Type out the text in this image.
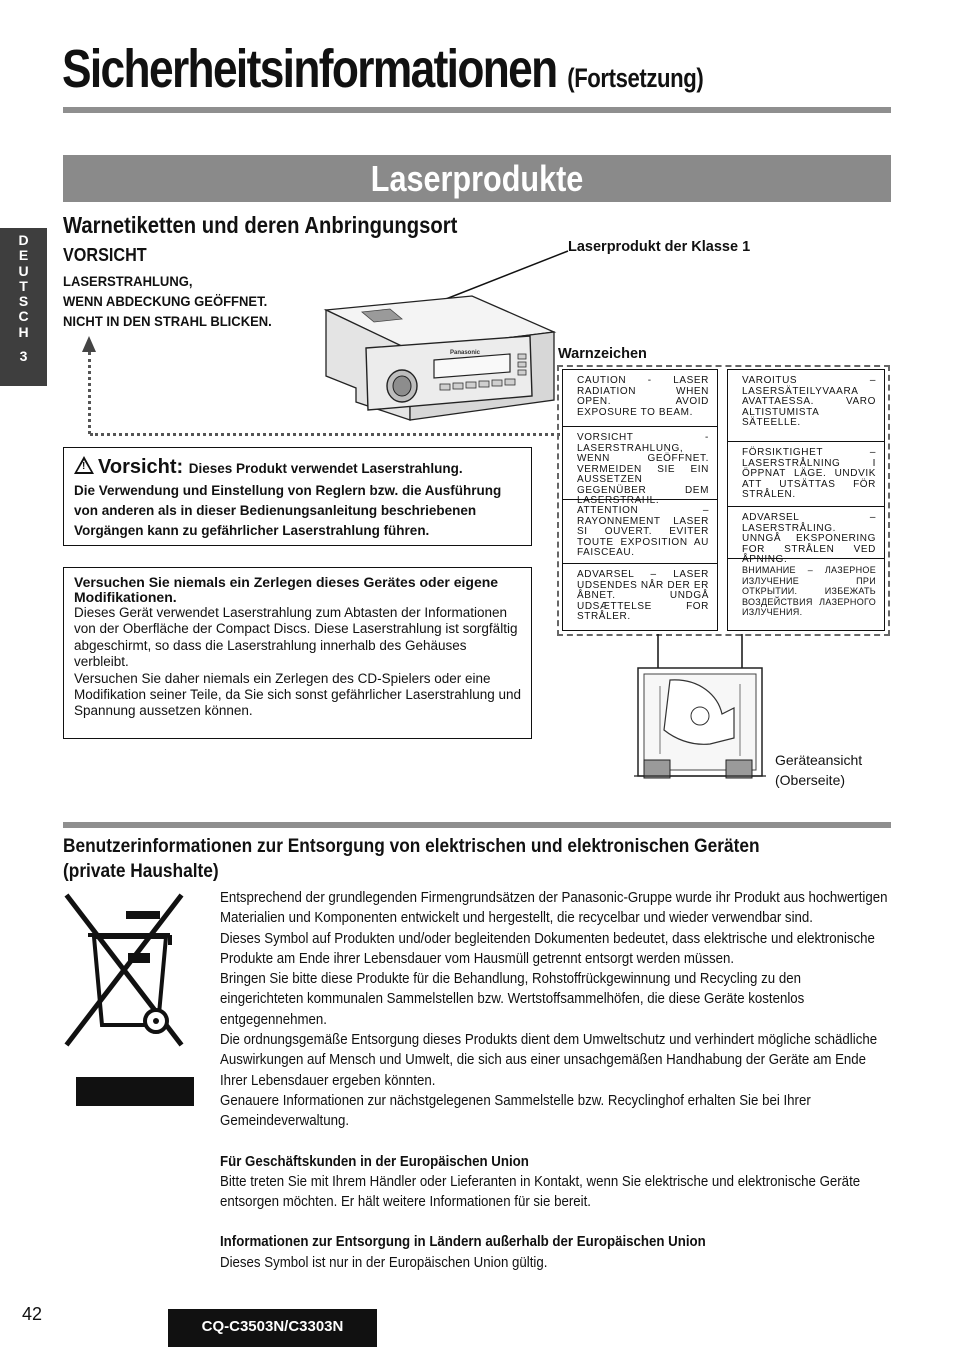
Sicherheitsinformationen (Fortsetzung)
Laserprodukte
D
E
U
T
S
C
H
3
Warnetiketten und deren Anbringungsort
VORSICHT
LASERSTRAHLUNG,
WENN ABDECKUNG GEÖFFNET.
NICHT IN DEN STRAHL BLICKEN.
Laserprodukt der Klasse 1
Warnzeichen
Panasonic
! Vorsicht: Dieses Produkt verwendet Laserstrahlung.
Die Verwendung und Einstellung von Reglern bzw. die Ausführung von anderen als in dieser Bedienungsanleitung beschriebenen Vorgängen kann zu gefährlicher Laserstrahlung führen.
Versuchen Sie niemals ein Zerlegen dieses Gerätes oder eigene Modifikationen.
Dieses Gerät verwendet Laserstrahlung zum Abtasten der Informationen von der Oberfläche der Compact Discs. Diese Laserstrahlung ist sorgfältig abgeschirmt, so dass die Laserstrahlung innerhalb des Gehäuses verbleibt.
Versuchen Sie daher niemals ein Zerlegen des CD-Spielers oder eine Modifikation seiner Teile, da Sie sich sonst gefährlicher Laserstrahlung und Spannung aussetzen können.
CAUTION - LASER RADIATION WHEN OPEN. AVOID EXPOSURE TO BEAM.
VORSICHT - LASERSTRAHLUNG, WENN GEÖFFNET. VERMEIDEN SIE EIN AUSSETZEN GEGENÜBER DEM LASERSTRAHL.
ATTENTION – RAYONNEMENT LASER SI OUVERT. EVITER TOUTE EXPOSITION AU FAISCEAU.
ADVARSEL – LASER UDSENDES NÅR DER ER ÅBNET. UNDGÅ UDSÆTTELSE FOR STRÅLER.
VAROITUS – LASERSÄTEILYVAARA AVATTAESSA. VARO ALTISTUMISTA SÄTEELLE.
FÖRSIKTIGHET – LASERSTRÅLNING I ÖPPNAT LÄGE. UNDVIK ATT UTSÄTTAS FÖR STRÅLEN.
ADVARSEL – LASERSTRÅLING. UNNGÅ EKSPONERING FOR STRÅLEN VED ÅPNING.
ВНИМАНИЕ – ЛАЗЕРНОЕ ИЗЛУЧЕНИЕ ПРИ ОТКРЫТИИ. ИЗБЕЖАТЬ ВОЗДЕЙСТВИЯ ЛАЗЕРНОГО ИЗЛУЧЕНИЯ.
Geräteansicht
(Oberseite)
Benutzerinformationen zur Entsorgung von elektrischen und elektronischen Geräten (private Haushalte)

Entsprechend der grundlegenden Firmengrundsätzen der Panasonic-Gruppe wurde ihr Produkt aus hochwertigen Materialien und Komponenten entwickelt und hergestellt, die recycelbar und wieder verwendbar sind.

Dieses Symbol auf Produkten und/oder begleitenden Dokumenten bedeutet, dass elektrische und elektronische Produkte am Ende ihrer Lebensdauer vom Hausmüll getrennt entsorgt werden müssen.

Bringen Sie bitte diese Produkte für die Behandlung, Rohstoffrückgewinnung und Recycling zu den eingerichteten kommunalen Sammelstellen bzw. Wertstoffsammelhöfen, die diese Geräte kostenlos entgegennehmen.

Die ordnungsgemäße Entsorgung dieses Produkts dient dem Umweltschutz und verhindert mögliche schädliche Auswirkungen auf Mensch und Umwelt, die sich aus einer unsachgemäßen Handhabung der Geräte am Ende Ihrer Lebensdauer ergeben könnten.

Genauere Informationen zur nächstgelegenen Sammelstelle bzw. Recyclinghof erhalten Sie bei Ihrer Gemeindeverwaltung.

Für Geschäftskunden in der Europäischen Union

Bitte treten Sie mit Ihrem Händler oder Lieferanten in Kontakt, wenn Sie elektrische und elektronische Geräte entsorgen möchten. Er hält weitere Informationen für sie bereit.

Informationen zur Entsorgung in Ländern außerhalb der Europäischen Union

Dieses Symbol ist nur in der Europäischen Union gültig.

42
CQ-C3503N/C3303N
